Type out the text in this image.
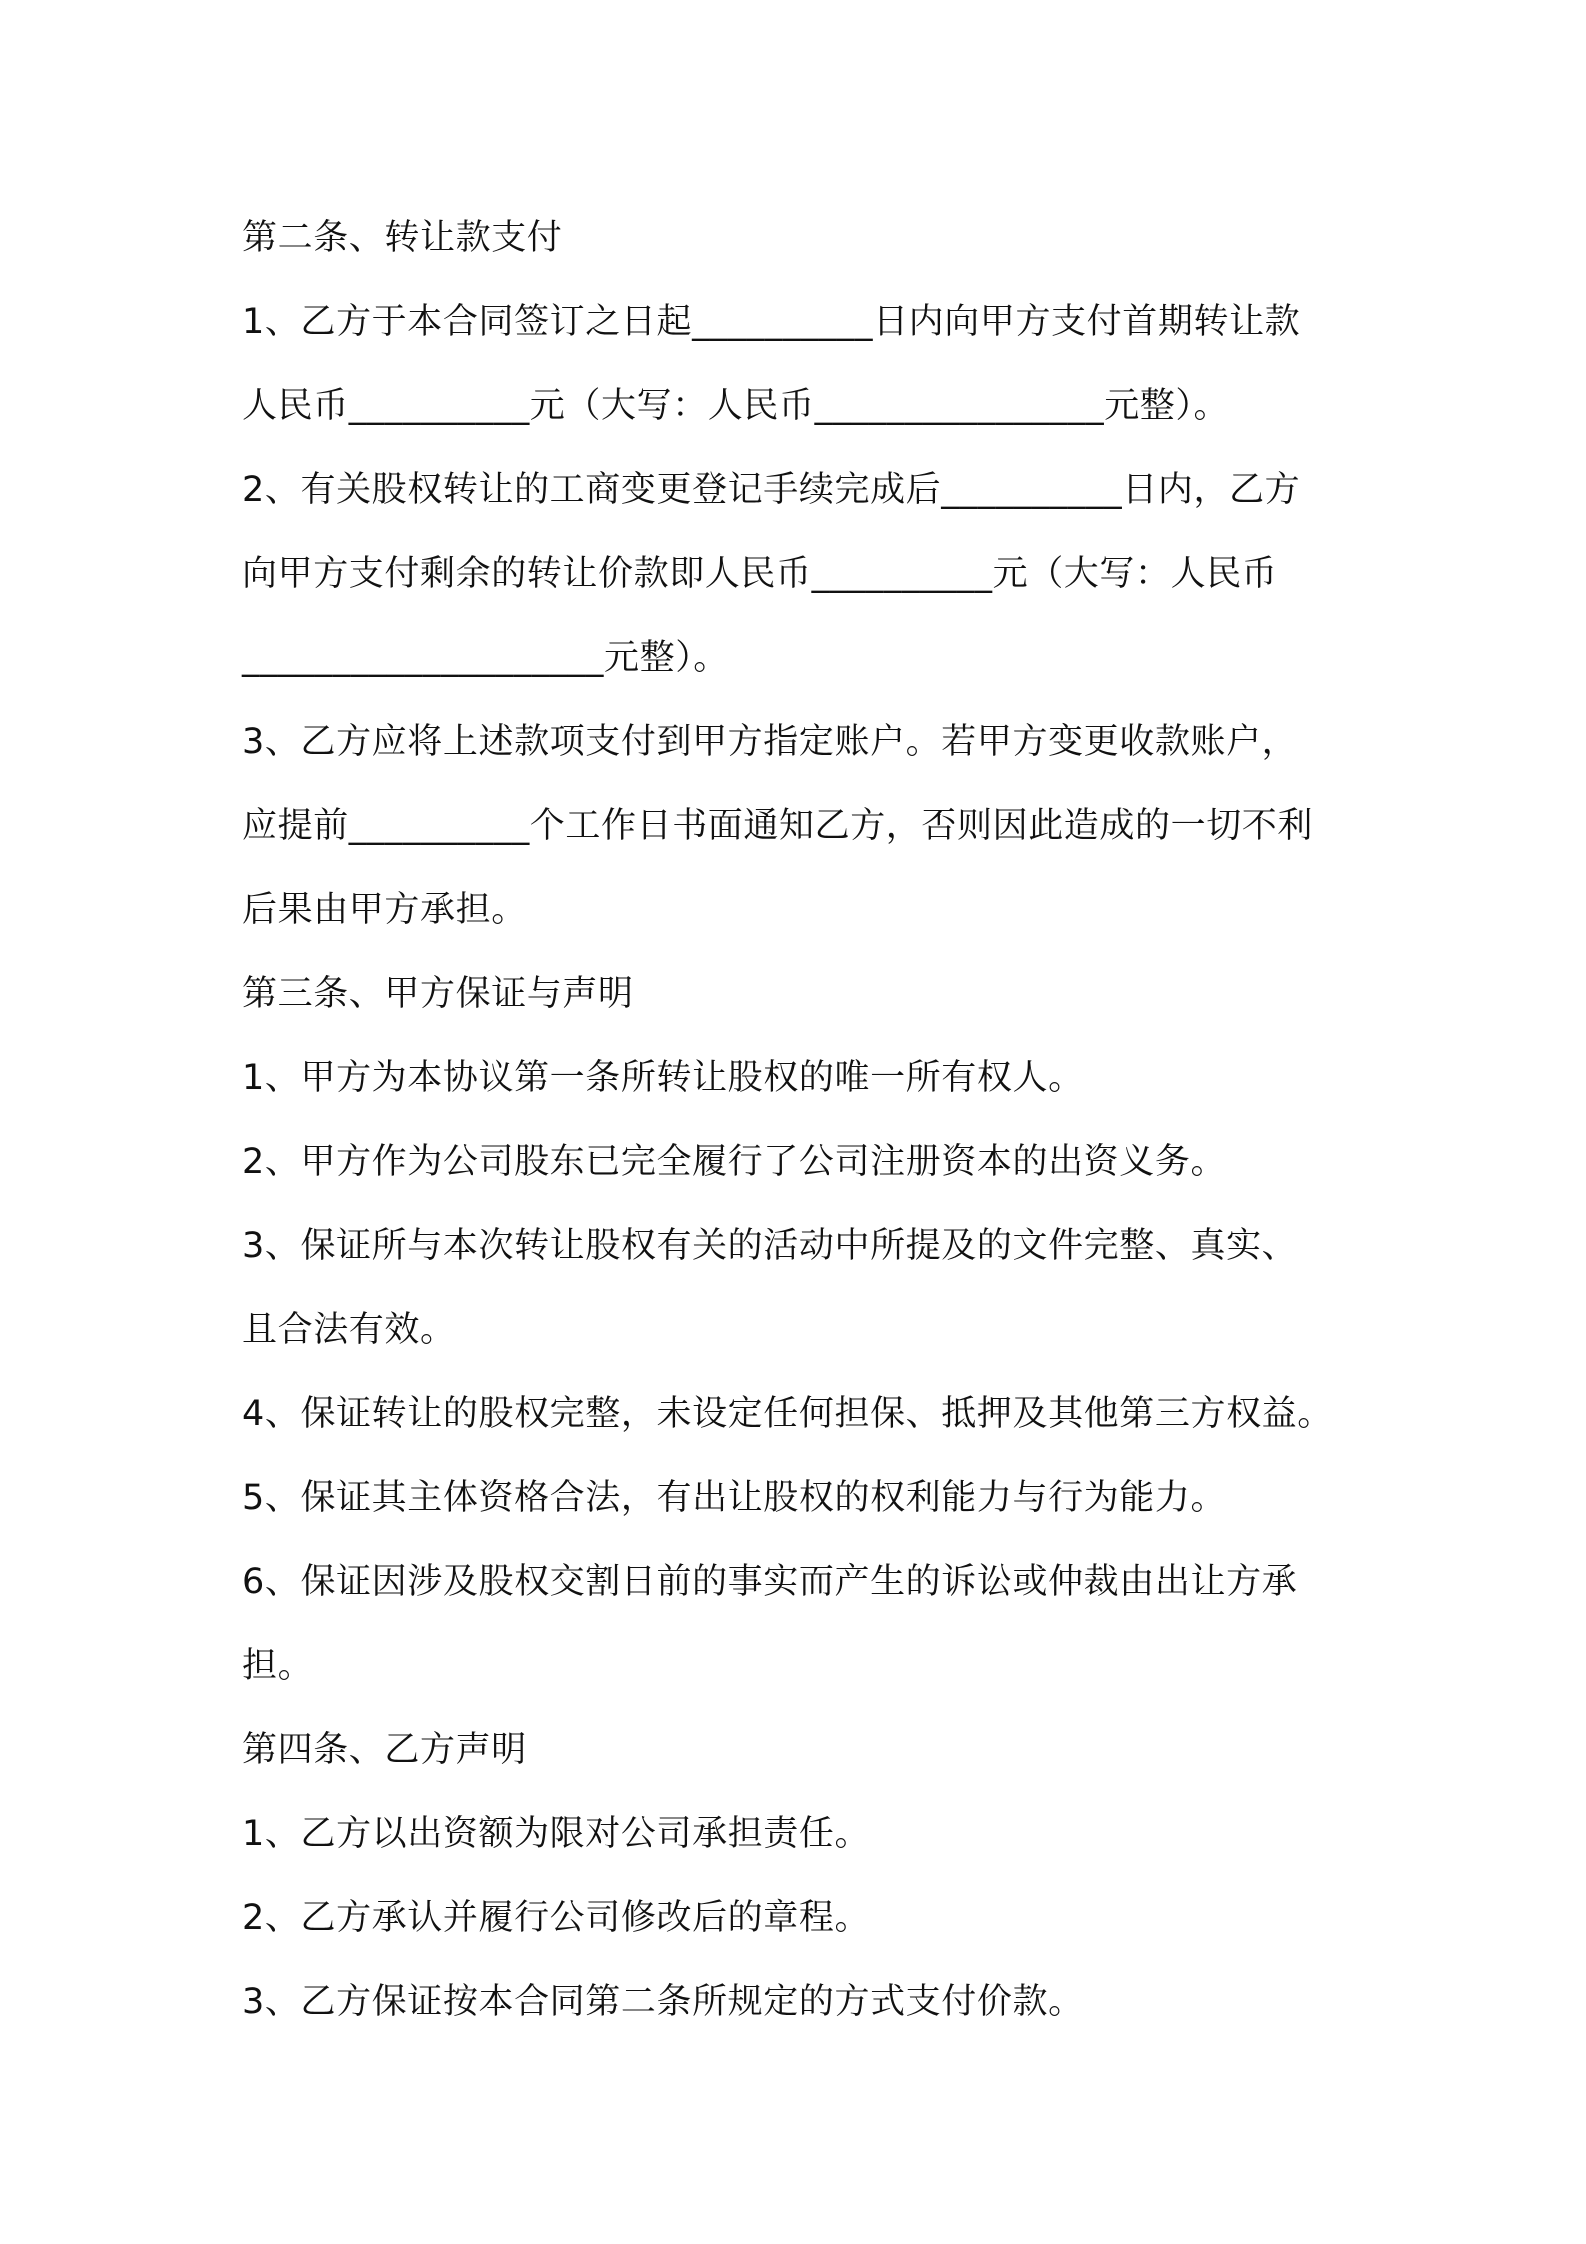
第二条、转让款支付
1、乙方于本合同签订之日起__________日内向甲方支付首期转让款
人民币__________元（大写：人民币________________元整）。
2、有关股权转让的工商变更登记手续完成后__________日内，乙方
向甲方支付剩余的转让价款即人民币__________元（大写：人民币
____________________元整）。
3、乙方应将上述款项支付到甲方指定账户。若甲方变更收款账户，
应提前__________个工作日书面通知乙方，否则因此造成的一切不利
后果由甲方承担。
第三条、甲方保证与声明
1、甲方为本协议第一条所转让股权的唯一所有权人。
2、甲方作为公司股东已完全履行了公司注册资本的出资义务。
3、保证所与本次转让股权有关的活动中所提及的文件完整、真实、
且合法有效。
4、保证转让的股权完整，未设定任何担保、抵押及其他第三方权益。
5、保证其主体资格合法，有出让股权的权利能力与行为能力。
6、保证因涉及股权交割日前的事实而产生的诉讼或仲裁由出让方承
担。
第四条、乙方声明
1、乙方以出资额为限对公司承担责任。
2、乙方承认并履行公司修改后的章程。
3、乙方保证按本合同第二条所规定的方式支付价款。
